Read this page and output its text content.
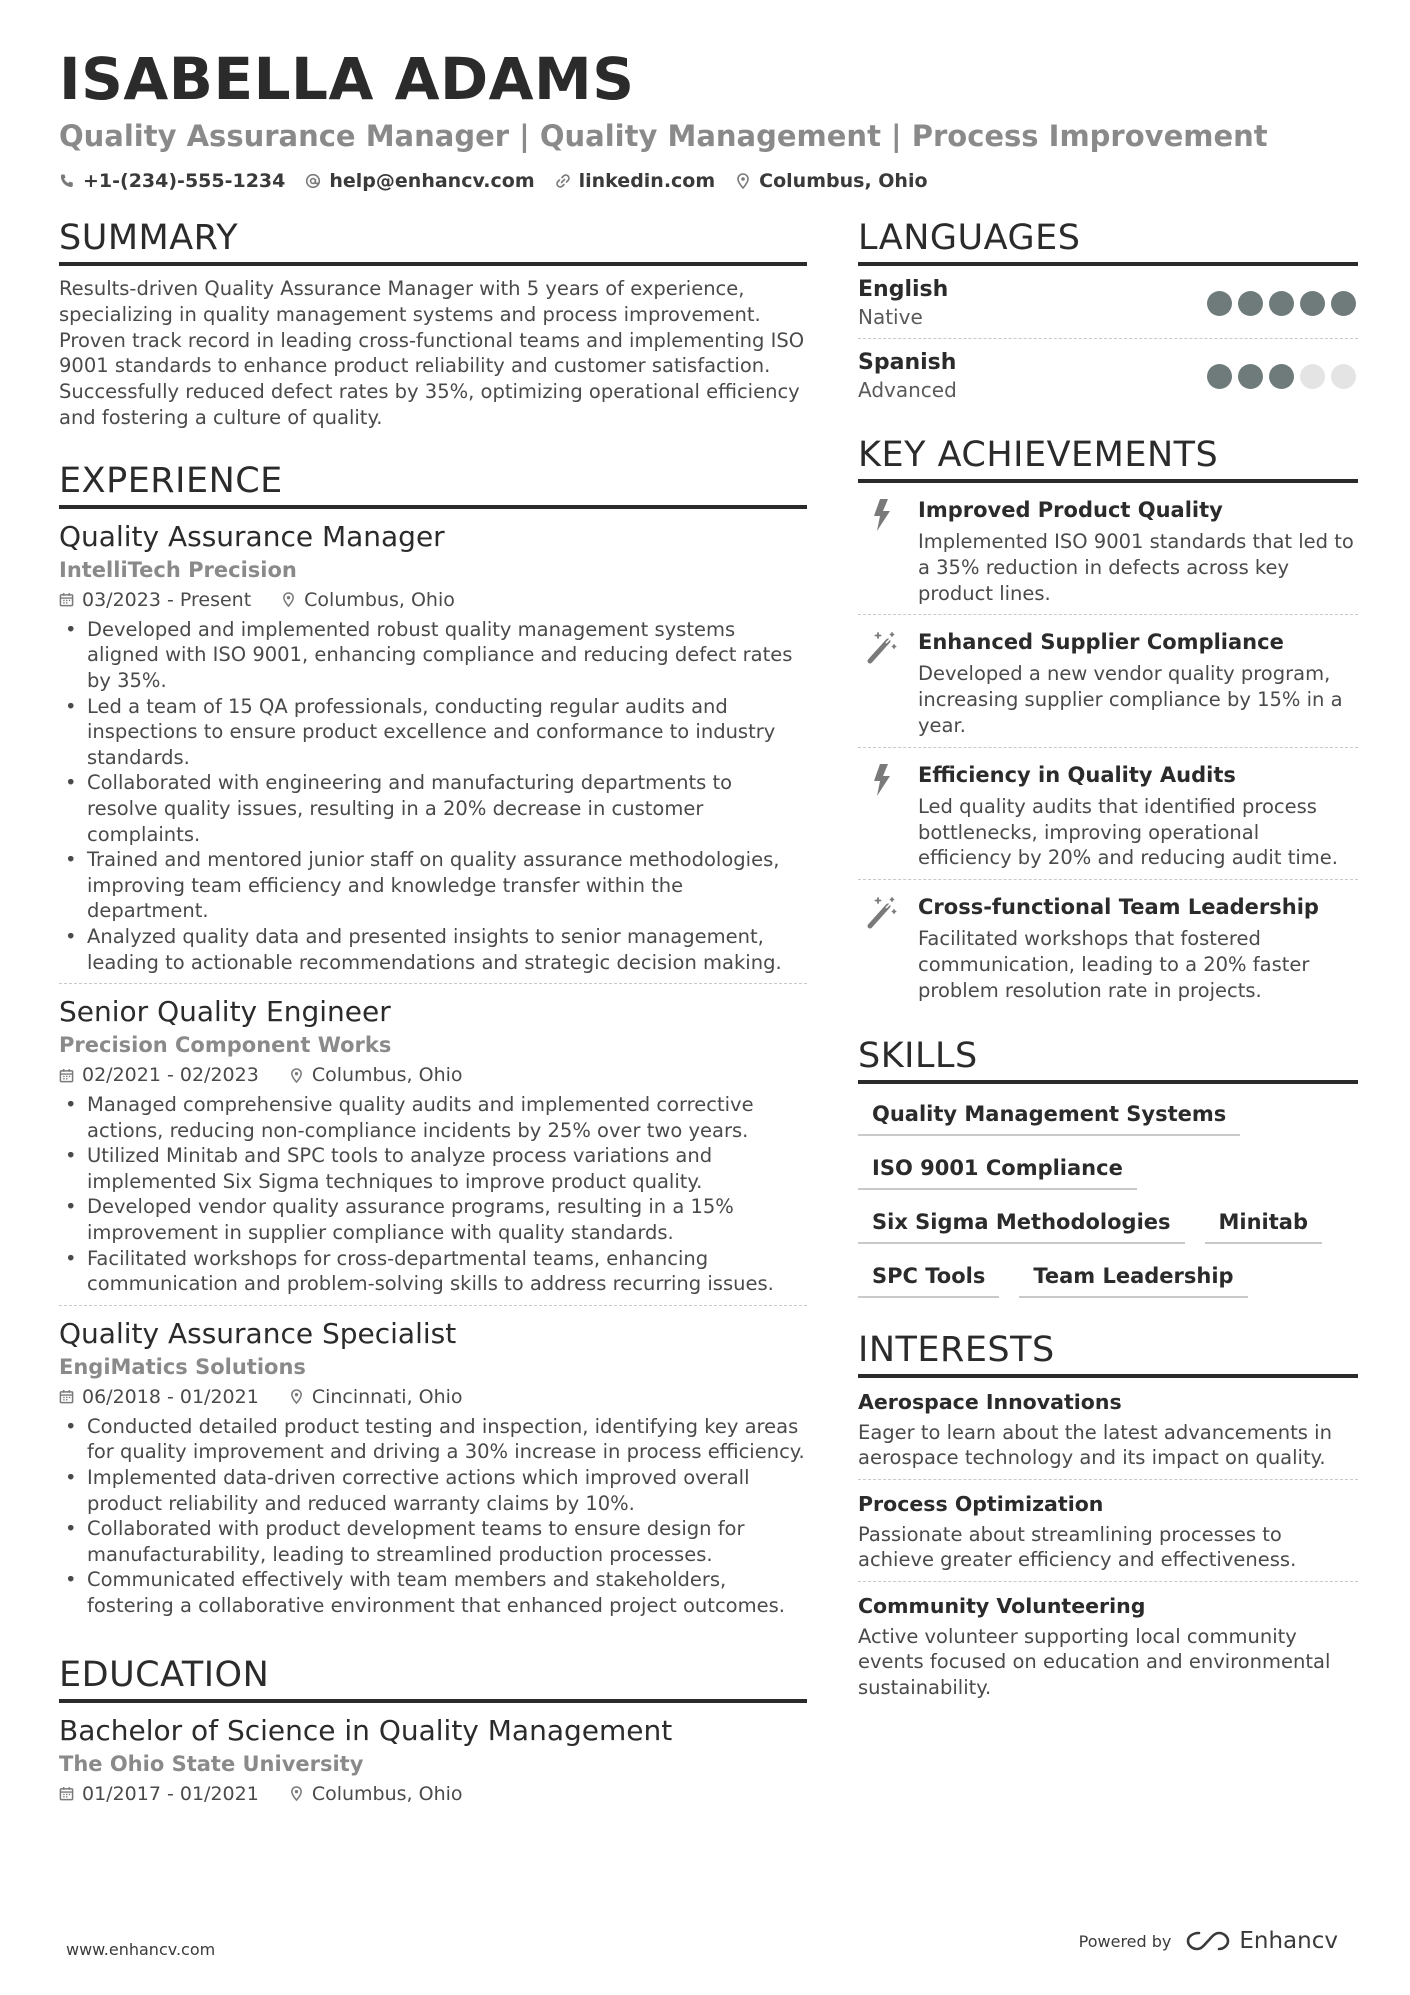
ISABELLA ADAMS
Quality Assurance Manager | Quality Management | Process Improvement
+1-(234)-555-1234 help@enhancv.com linkedin.com Columbus, Ohio
SUMMARY
Results-driven Quality Assurance Manager with 5 years of experience, specializing in quality management systems and process improvement. Proven track record in leading cross-functional teams and implementing ISO 9001 standards to enhance product reliability and customer satisfaction. Successfully reduced defect rates by 35%, optimizing operational efficiency and fostering a culture of quality.
EXPERIENCE
Quality Assurance Manager
IntelliTech Precision
03/2023 - Present	Columbus, Ohio
• Developed and implemented robust quality management systems aligned with ISO 9001, enhancing compliance and reducing defect rates by 35%.
• Led a team of 15 QA professionals, conducting regular audits and inspections to ensure product excellence and conformance to industry standards.
• Collaborated with engineering and manufacturing departments to resolve quality issues, resulting in a 20% decrease in customer complaints.
• Trained and mentored junior staff on quality assurance methodologies, improving team efficiency and knowledge transfer within the department.
• Analyzed quality data and presented insights to senior management, leading to actionable recommendations and strategic decision making.
Senior Quality Engineer
Precision Component Works
02/2021 - 02/2023	Columbus, Ohio
• Managed comprehensive quality audits and implemented corrective actions, reducing non-compliance incidents by 25% over two years.
• Utilized Minitab and SPC tools to analyze process variations and implemented Six Sigma techniques to improve product quality.
• Developed vendor quality assurance programs, resulting in a 15% improvement in supplier compliance with quality standards.
• Facilitated workshops for cross-departmental teams, enhancing communication and problem-solving skills to address recurring issues.
Quality Assurance Specialist
EngiMatics Solutions
06/2018 - 01/2021	Cincinnati, Ohio
• Conducted detailed product testing and inspection, identifying key areas for quality improvement and driving a 30% increase in process efficiency.
• Implemented data-driven corrective actions which improved overall product reliability and reduced warranty claims by 10%.
• Collaborated with product development teams to ensure design for manufacturability, leading to streamlined production processes.
• Communicated effectively with team members and stakeholders, fostering a collaborative environment that enhanced project outcomes.
EDUCATION
Bachelor of Science in Quality Management
The Ohio State University
01/2017 - 01/2021	Columbus, Ohio
LANGUAGES
English
Native
Spanish
Advanced
KEY ACHIEVEMENTS
Improved Product Quality
Implemented ISO 9001 standards that led to a 35% reduction in defects across key product lines.
Enhanced Supplier Compliance
Developed a new vendor quality program, increasing supplier compliance by 15% in a year.
Efficiency in Quality Audits
Led quality audits that identified process bottlenecks, improving operational efficiency by 20% and reducing audit time.
Cross-functional Team Leadership
Facilitated workshops that fostered communication, leading to a 20% faster problem resolution rate in projects.
SKILLS
Quality Management Systems
ISO 9001 Compliance
Six Sigma Methodologies	Minitab
SPC Tools	Team Leadership
INTERESTS
Aerospace Innovations
Eager to learn about the latest advancements in aerospace technology and its impact on quality.
Process Optimization
Passionate about streamlining processes to achieve greater efficiency and effectiveness.
Community Volunteering
Active volunteer supporting local community events focused on education and environmental sustainability.
www.enhancv.com	Powered by	Enhancv
